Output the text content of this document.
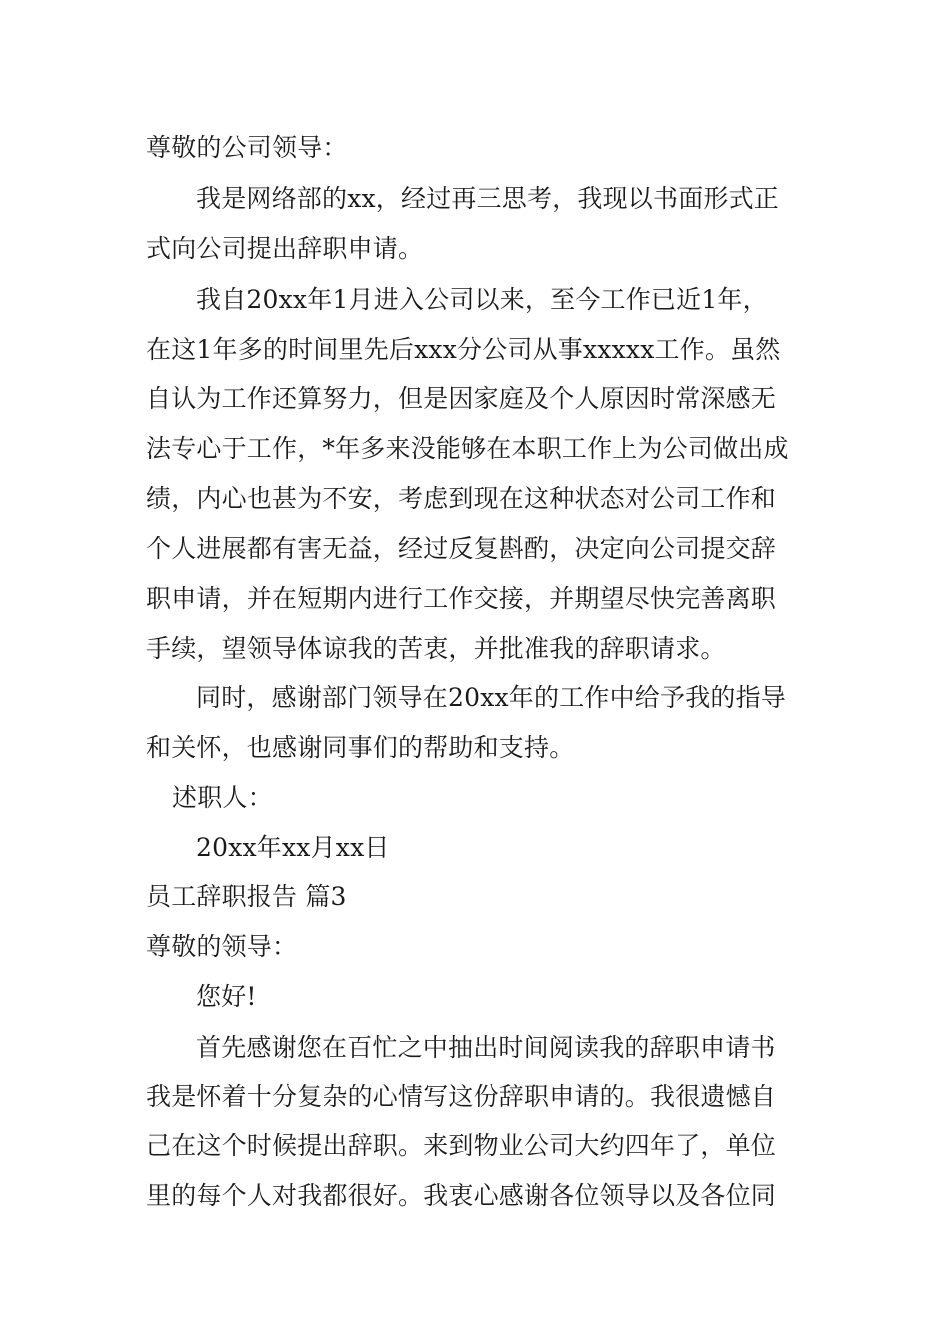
尊敬的公司领导：
我是网络部的xx，经过再三思考，我现以书面形式正
式向公司提出辞职申请。
我自20xx年1月进入公司以来，至今工作已近1年，
在这1年多的时间里先后xxx分公司从事xxxxx工作。虽然
自认为工作还算努力，但是因家庭及个人原因时常深感无
法专心于工作，*年多来没能够在本职工作上为公司做出成
绩，内心也甚为不安，考虑到现在这种状态对公司工作和
个人进展都有害无益，经过反复斟酌，决定向公司提交辞
职申请，并在短期内进行工作交接，并期望尽快完善离职
手续，望领导体谅我的苦衷，并批准我的辞职请求。
同时，感谢部门领导在20xx年的工作中给予我的指导
和关怀，也感谢同事们的帮助和支持。
述职人：
20xx年xx月xx日
员工辞职报告 篇3
尊敬的领导：
您好!
首先感谢您在百忙之中抽出时间阅读我的辞职申请书
我是怀着十分复杂的心情写这份辞职申请的。我很遗憾自
己在这个时候提出辞职。来到物业公司大约四年了，单位
里的每个人对我都很好。我衷心感谢各位领导以及各位同
